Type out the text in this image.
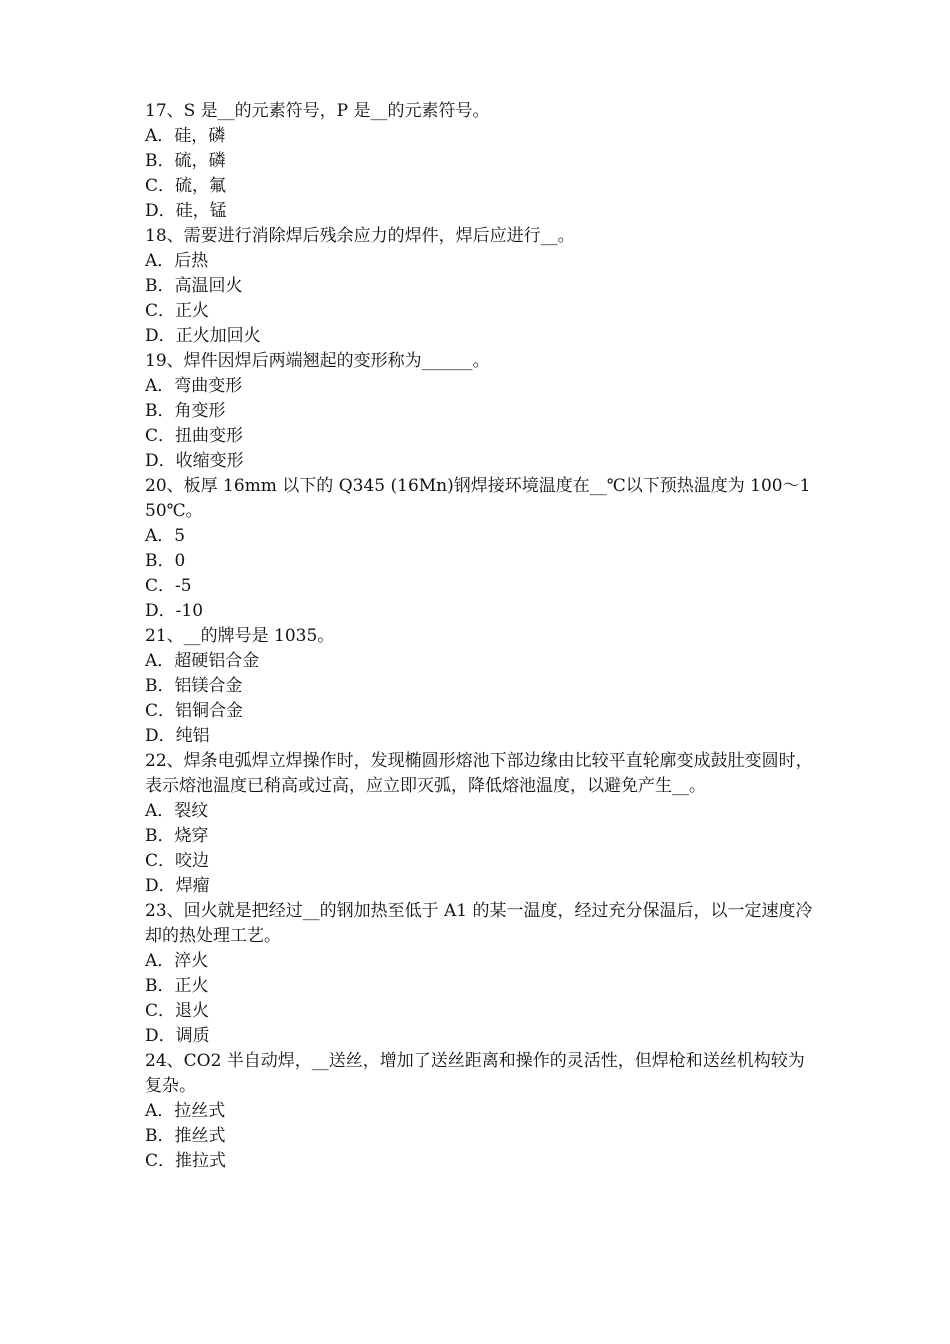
17、S 是__的元素符号，P 是__的元素符号。

A．硅，磷

B．硫，磷

C．硫，氟

D．硅，锰

18、需要进行消除焊后残余应力的焊件，焊后应进行__。

A．后热

B．高温回火

C．正火

D．正火加回火

19、焊件因焊后两端翘起的变形称为______。

A．弯曲变形

B．角变形

C．扭曲变形

D．收缩变形

20、板厚 16mm 以下的 Q345 (16Mn)钢焊接环境温度在__℃以下预热温度为 100～150℃。

A．5

B．0

C．-5

D．-10

21、__的牌号是 1035。

A．超硬铝合金

B．铝镁合金

C．铝铜合金

D．纯铝

22、焊条电弧焊立焊操作时，发现椭圆形熔池下部边缘由比较平直轮廓变成鼓肚变圆时，表示熔池温度已稍高或过高，应立即灭弧，降低熔池温度，以避免产生__。

A．裂纹

B．烧穿

C．咬边

D．焊瘤

23、回火就是把经过__的钢加热至低于 A1 的某一温度，经过充分保温后，以一定速度冷却的热处理工艺。

A．淬火

B．正火

C．退火

D．调质

24、CO2 半自动焊，__送丝，增加了送丝距离和操作的灵活性，但焊枪和送丝机构较为复杂。

A．拉丝式

B．推丝式

C．推拉式
